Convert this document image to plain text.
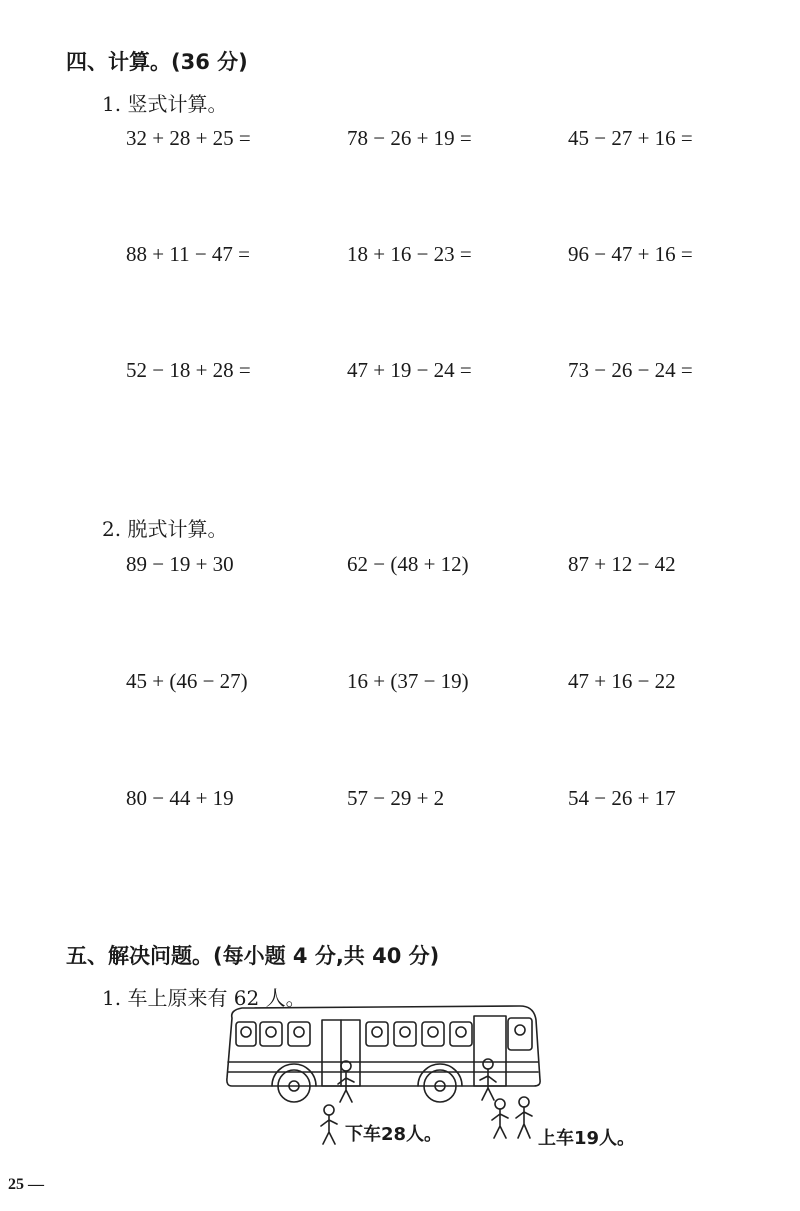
四、计算。(36 分)
1. 竖式计算。
32 + 28 + 25 =	78 − 26 + 19 =	45 − 27 + 16 =
88 + 11 − 47 =	18 + 16 − 23 =	96 − 47 + 16 =
52 − 18 + 28 =	47 + 19 − 24 =	73 − 26 − 24 =
2. 脱式计算。
89 − 19 + 30	62 − (48 + 12)	87 + 12 − 42
45 + (46 − 27)	16 + (37 − 19)	47 + 16 − 22
80 − 44 + 19	57 − 29 + 2	54 − 26 + 17
五、解决问题。(每小题 4 分,共 40 分)
1. 车上原来有 62 人。
下车28人。	上车19人。
25 —
